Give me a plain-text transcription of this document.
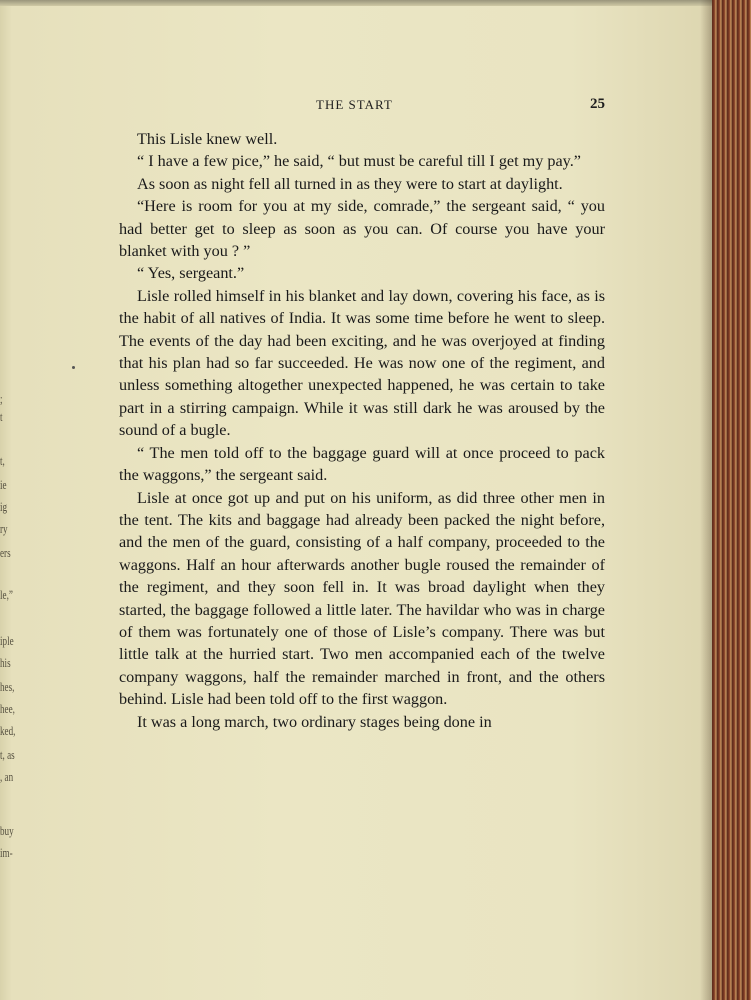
;
t
t,
ie
ig
ry
ers
le,”
iple
his
hes,
hee,
ked,
t, as
, an
buy
im-
THE START	25

This Lisle knew well.

“ I have a few pice,” he said, “ but must be careful till I get my pay.”

As soon as night fell all turned in as they were to start at daylight.

“Here is room for you at my side, comrade,” the sergeant said, “ you had better get to sleep as soon as you can. Of course you have your blanket with you ? ”

“ Yes, sergeant.”

Lisle rolled himself in his blanket and lay down, covering his face, as is the habit of all natives of India. It was some time before he went to sleep. The events of the day had been exciting, and he was overjoyed at finding that his plan had so far succeeded. He was now one of the regiment, and unless something altogether unexpected happened, he was certain to take part in a stirring campaign. While it was still dark he was aroused by the sound of a bugle.

“ The men told off to the baggage guard will at once proceed to pack the waggons,” the sergeant said.

Lisle at once got up and put on his uniform, as did three other men in the tent. The kits and baggage had already been packed the night before, and the men of the guard, consisting of a half company, proceeded to the waggons. Half an hour afterwards another bugle roused the remainder of the regiment, and they soon fell in. It was broad daylight when they started, the baggage followed a little later. The havildar who was in charge of them was fortunately one of those of Lisle’s company. There was but little talk at the hurried start. Two men accompanied each of the twelve company waggons, half the remainder marched in front, and the others behind. Lisle had been told off to the first waggon.

It was a long march, two ordinary stages being done in
